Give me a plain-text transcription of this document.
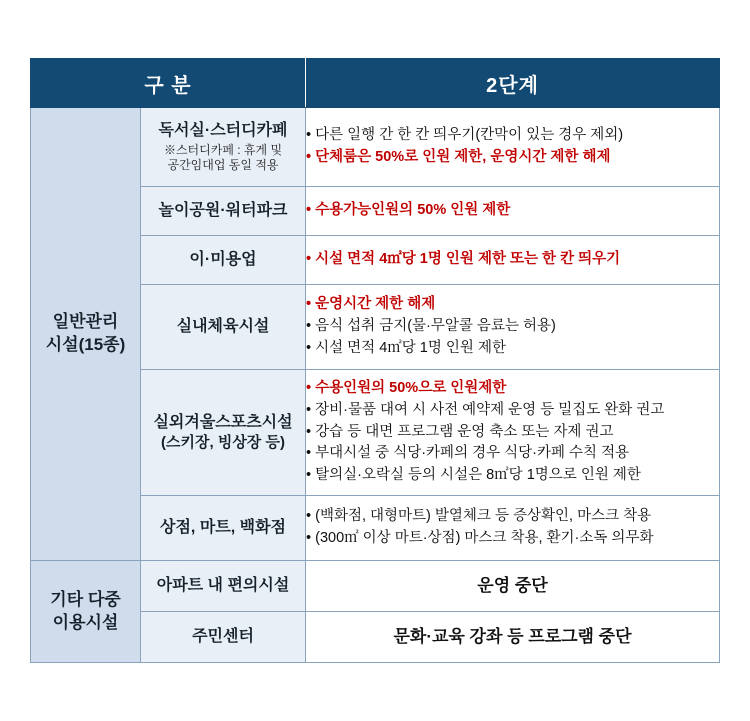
구 분		2단계
일반관리
시설(15종)	독서실·스터디카페
※스터디카페 : 휴게 및
공간임대업 동일 적용	• 다른 일행 간 한 칸 띄우기(칸막이 있는 경우 제외)
• 단체룸은 50%로 인원 제한, 운영시간 제한 해제

	놀이공원·워터파크	• 수용가능인원의 50% 인원 제한

	이·미용업	• 시설 면적 4㎡당 1명 인원 제한 또는 한 칸 띄우기

	실내체육시설	• 운영시간 제한 해제
• 음식 섭취 금지(물·무알콜 음료는 허용)
• 시설 면적 4㎡당 1명 인원 제한

	실외겨울스포츠시설
(스키장, 빙상장 등)	• 수용인원의 50%으로 인원제한
• 장비·물품 대여 시 사전 예약제 운영 등 밀집도 완화 권고
• 강습 등 대면 프로그램 운영 축소 또는 자제 권고
• 부대시설 중 식당·카페의 경우 식당·카페 수칙 적용
• 탈의실·오락실 등의 시설은 8㎡당 1명으로 인원 제한

	상점, 마트, 백화점	• (백화점, 대형마트) 발열체크 등 증상확인, 마스크 착용
• (300㎡ 이상 마트·상점) 마스크 착용, 환기·소독 의무화

기타 다중
이용시설	아파트 내 편의시설	운영 중단
	주민센터	문화·교육 강좌 등 프로그램 중단
